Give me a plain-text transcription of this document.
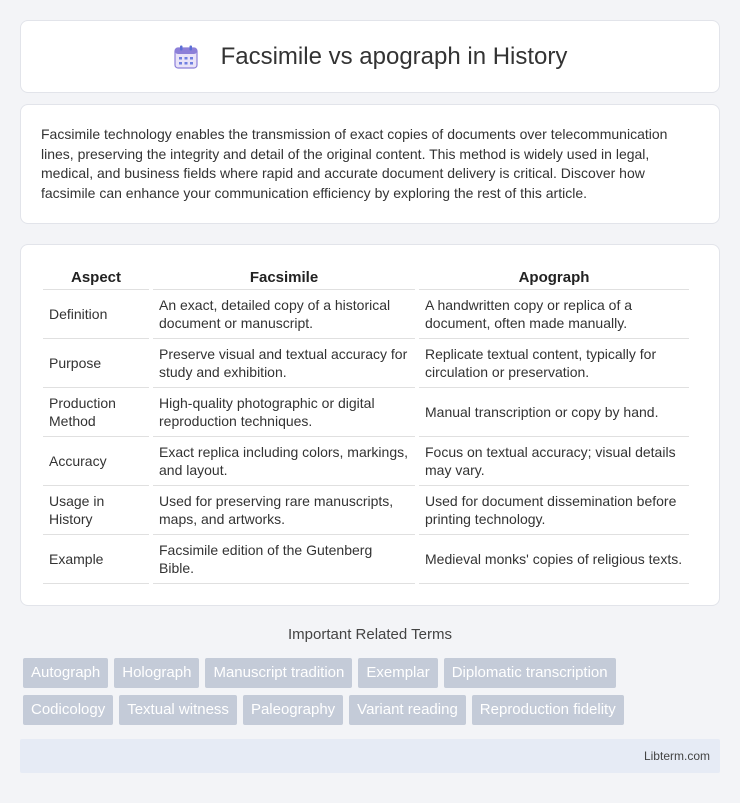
Facsimile vs apograph in History

Facsimile technology enables the transmission of exact copies of documents over telecommunication lines, preserving the integrity and detail of the original content. This method is widely used in legal, medical, and business fields where rapid and accurate document delivery is critical. Discover how facsimile can enhance your communication efficiency by exploring the rest of this article.

Aspect	Facsimile	Apograph
Definition	An exact, detailed copy of a historical document or manuscript.	A handwritten copy or replica of a document, often made manually.
Purpose	Preserve visual and textual accuracy for study and exhibition.	Replicate textual content, typically for circulation or preservation.
Production Method	High-quality photographic or digital reproduction techniques.	Manual transcription or copy by hand.
Accuracy	Exact replica including colors, markings, and layout.	Focus on textual accuracy; visual details may vary.
Usage in History	Used for preserving rare manuscripts, maps, and artworks.	Used for document dissemination before printing technology.
Example	Facsimile edition of the Gutenberg Bible.	Medieval monks' copies of religious texts.
Important Related Terms
Autograph	Holograph	Manuscript tradition	Exemplar	Diplomatic transcription
Codicology	Textual witness	Paleography	Variant reading	Reproduction fidelity
Libterm.com
